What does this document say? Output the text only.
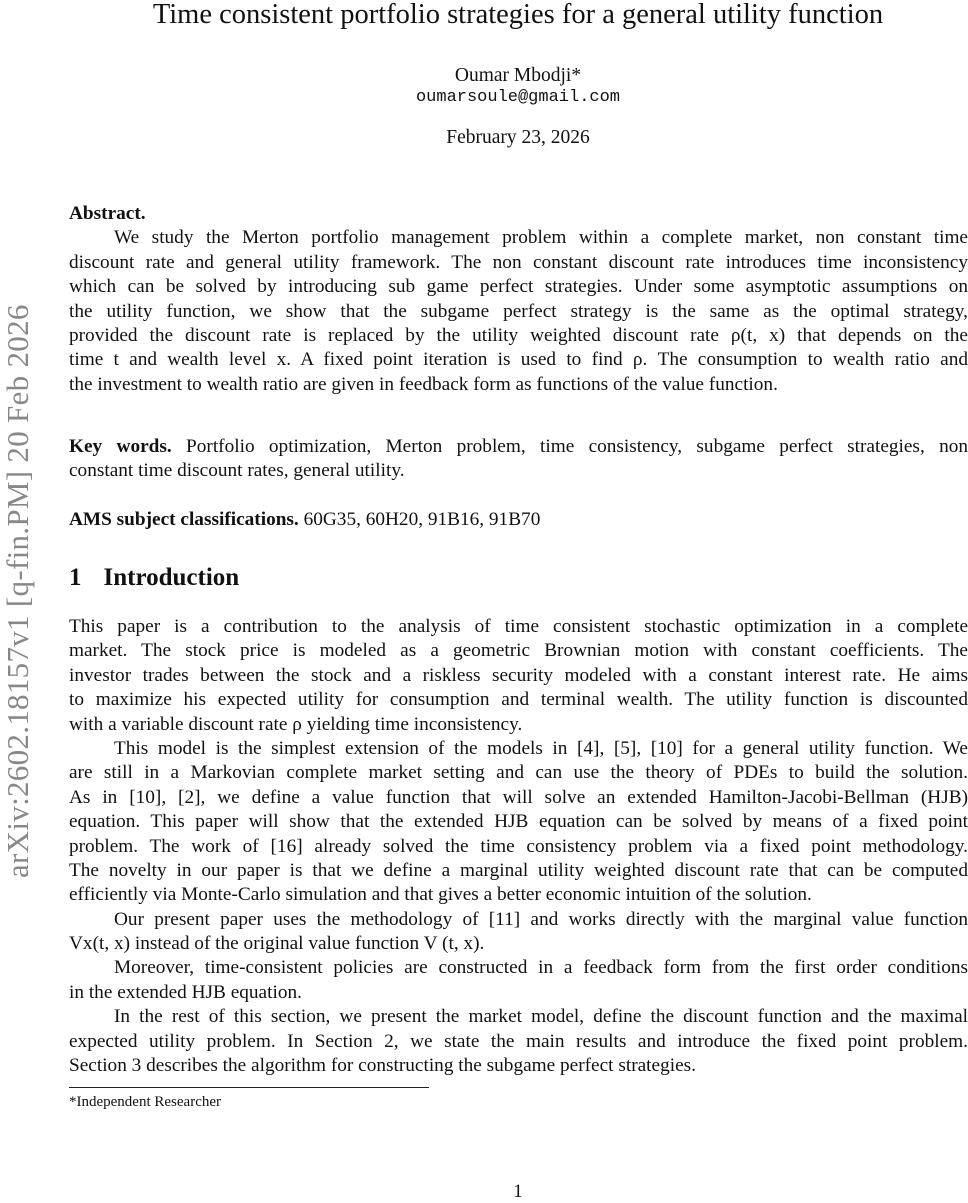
arXiv:2602.18157v1 [q-fin.PM] 20 Feb 2026
Time consistent portfolio strategies for a general utility function
Oumar Mbodji*
oumarsoule@gmail.com
February 23, 2026
Abstract.
We study the Merton portfolio management problem within a complete market, non constant time
discount rate and general utility framework. The non constant discount rate introduces time inconsistency
which can be solved by introducing sub game perfect strategies. Under some asymptotic assumptions on
the utility function, we show that the subgame perfect strategy is the same as the optimal strategy,
provided the discount rate is replaced by the utility weighted discount rate ρ(t, x) that depends on the
time t and wealth level x. A fixed point iteration is used to find ρ. The consumption to wealth ratio and
the investment to wealth ratio are given in feedback form as functions of the value function.
Key words. Portfolio optimization, Merton problem, time consistency, subgame perfect strategies, non
constant time discount rates, general utility.
AMS subject classifications. 60G35, 60H20, 91B16, 91B70
1 Introduction
This paper is a contribution to the analysis of time consistent stochastic optimization in a complete
market. The stock price is modeled as a geometric Brownian motion with constant coefficients. The
investor trades between the stock and a riskless security modeled with a constant interest rate. He aims
to maximize his expected utility for consumption and terminal wealth. The utility function is discounted
with a variable discount rate ρ yielding time inconsistency.
This model is the simplest extension of the models in [4], [5], [10] for a general utility function. We
are still in a Markovian complete market setting and can use the theory of PDEs to build the solution.
As in [10], [2], we define a value function that will solve an extended Hamilton-Jacobi-Bellman (HJB)
equation. This paper will show that the extended HJB equation can be solved by means of a fixed point
problem. The work of [16] already solved the time consistency problem via a fixed point methodology.
The novelty in our paper is that we define a marginal utility weighted discount rate that can be computed
efficiently via Monte-Carlo simulation and that gives a better economic intuition of the solution.
Our present paper uses the methodology of [11] and works directly with the marginal value function
Vx(t, x) instead of the original value function V (t, x).
Moreover, time-consistent policies are constructed in a feedback form from the first order conditions
in the extended HJB equation.
In the rest of this section, we present the market model, define the discount function and the maximal
expected utility problem. In Section 2, we state the main results and introduce the fixed point problem.
Section 3 describes the algorithm for constructing the subgame perfect strategies.
*Independent Researcher
1
